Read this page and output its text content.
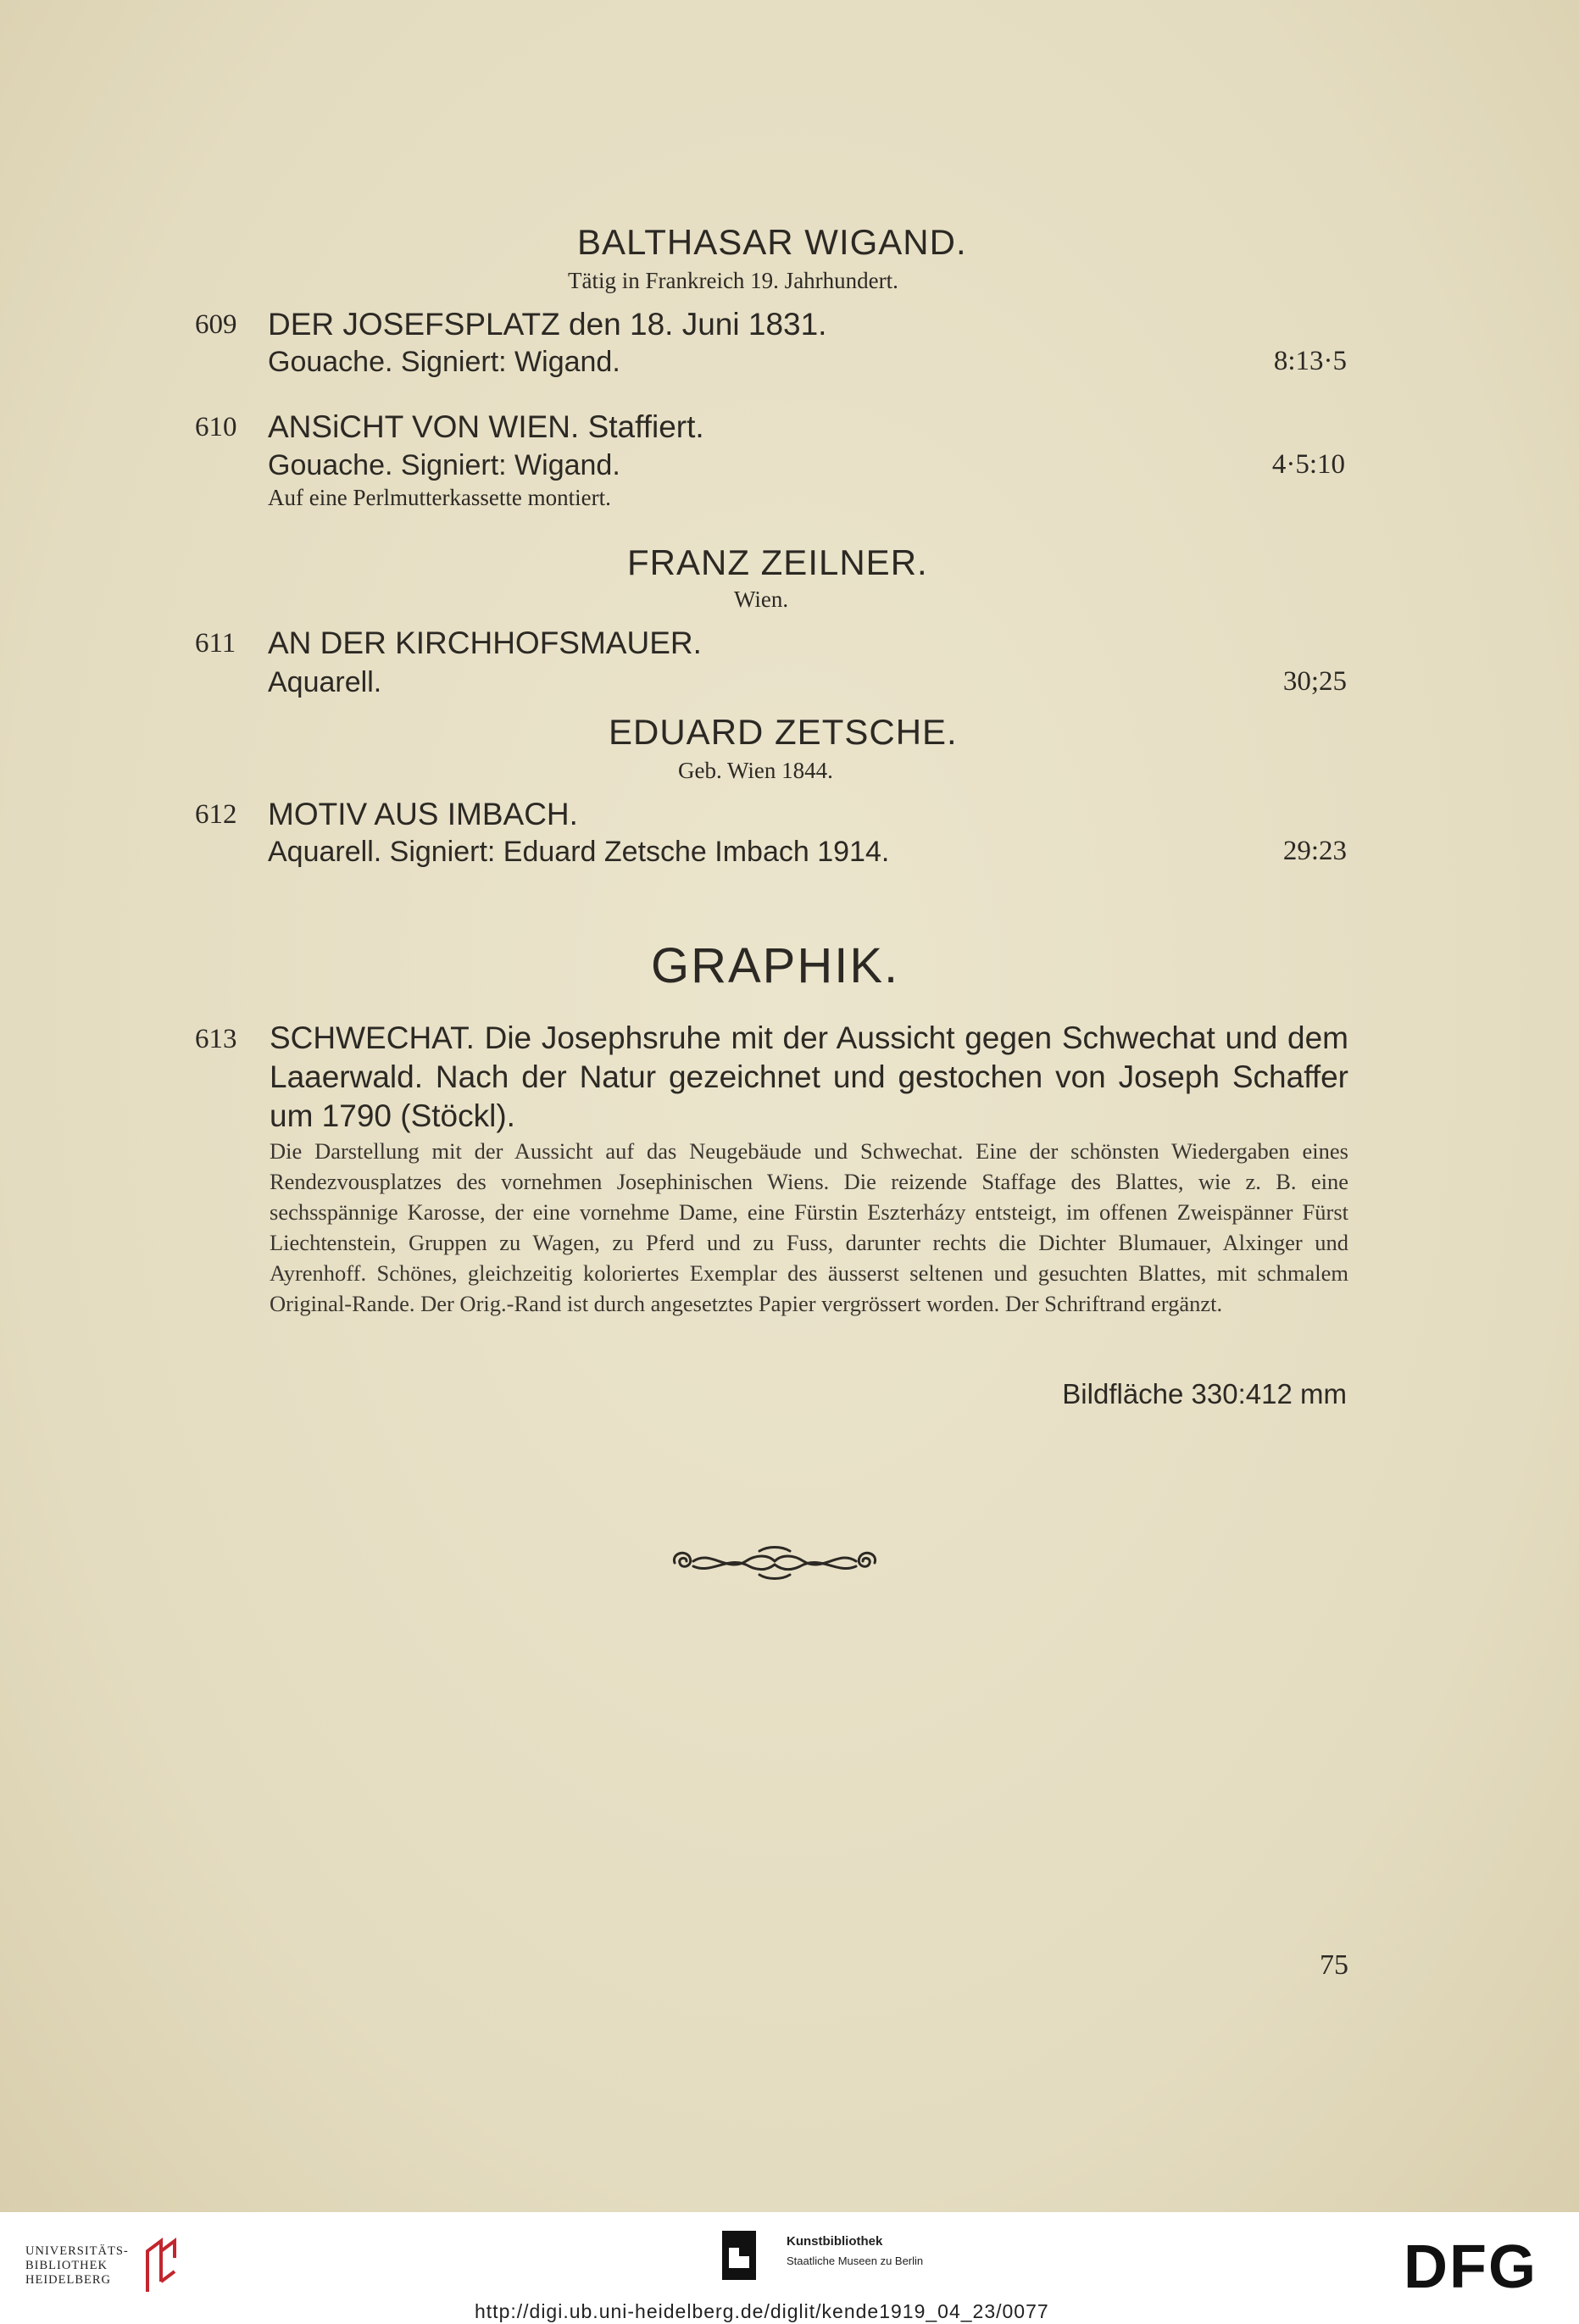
BALTHASAR WIGAND.
Tätig in Frankreich 19. Jahrhundert.
609 DER JOSEFSPLATZ den 18. Juni 1831.
Gouache. Signiert: Wigand.	8:13·5
610 ANSiCHT VON WIEN. Staffiert.
Gouache. Signiert: Wigand.	4·5:10
Auf eine Perlmutterkassette montiert.
FRANZ ZEILNER.
Wien.
611 AN DER KIRCHHOFSMAUER.
Aquarell.	30;25
EDUARD ZETSCHE.
Geb. Wien 1844.
612 MOTIV AUS IMBACH.
Aquarell. Signiert: Eduard Zetsche Imbach 1914.	29:23
GRAPHIK.
613 SCHWECHAT. Die Josephsruhe mit der Aussicht gegen Schwechat und dem Laaerwald. Nach der Natur gezeichnet und gestochen von Joseph Schaffer um 1790 (Stöckl).
Die Darstellung mit der Aussicht auf das Neugebäude und Schwechat. Eine der schönsten Wiedergaben eines Rendezvousplatzes des vornehmen Josephinischen Wiens. Die reizende Staffage des Blattes, wie z. B. eine sechsspännige Karosse, der eine vornehme Dame, eine Fürstin Eszterházy entsteigt, im offenen Zweispänner Fürst Liechtenstein, Gruppen zu Wagen, zu Pferd und zu Fuss, darunter rechts die Dichter Blumauer, Alxinger und Ayrenhoff. Schönes, gleichzeitig koloriertes Exemplar des äusserst seltenen und gesuchten Blattes, mit schmalem Original-Rande. Der Orig.-Rand ist durch angesetztes Papier vergrössert worden. Der Schriftrand ergänzt.
Bildfläche 330:412 mm
75
UNIVERSITÄTS-
BIBLIOTHEK
HEIDELBERG
Kunstbibliothek
Staatliche Museen zu Berlin	DFG
http://digi.ub.uni-heidelberg.de/diglit/kende1919_04_23/0077
